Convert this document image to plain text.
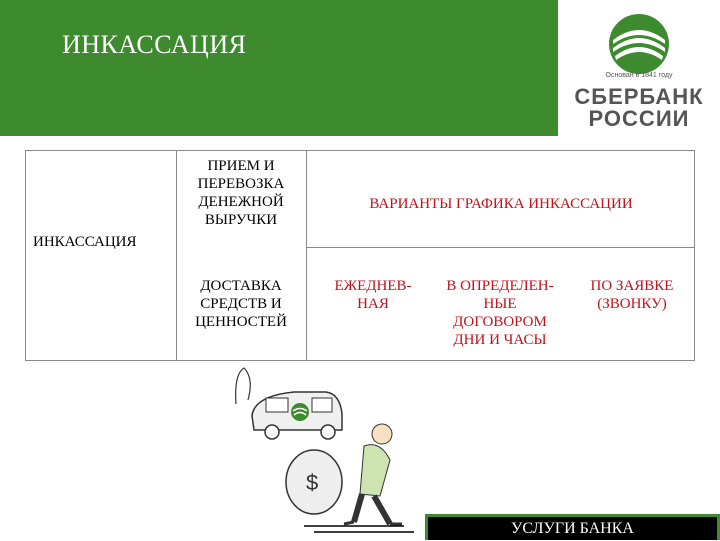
ИНКАССАЦИЯ
Основан в 1841 году
СБЕРБАНК
РОССИИ
ИНКАССАЦИЯ
ПРИЕМ И ПЕРЕВОЗКА ДЕНЕЖНОЙ ВЫРУЧКИ
ДОСТАВКА СРЕДСТВ И ЦЕННОСТЕЙ
ВАРИАНТЫ ГРАФИКА ИНКАССАЦИИ
ЕЖЕДНЕВ-
НАЯ
В ОПРЕДЕЛЕН-
НЫЕ
ДОГОВОРОМ
ДНИ И ЧАСЫ
ПО ЗАЯВКЕ
(ЗВОНКУ)
$
УСЛУГИ БАНКА
